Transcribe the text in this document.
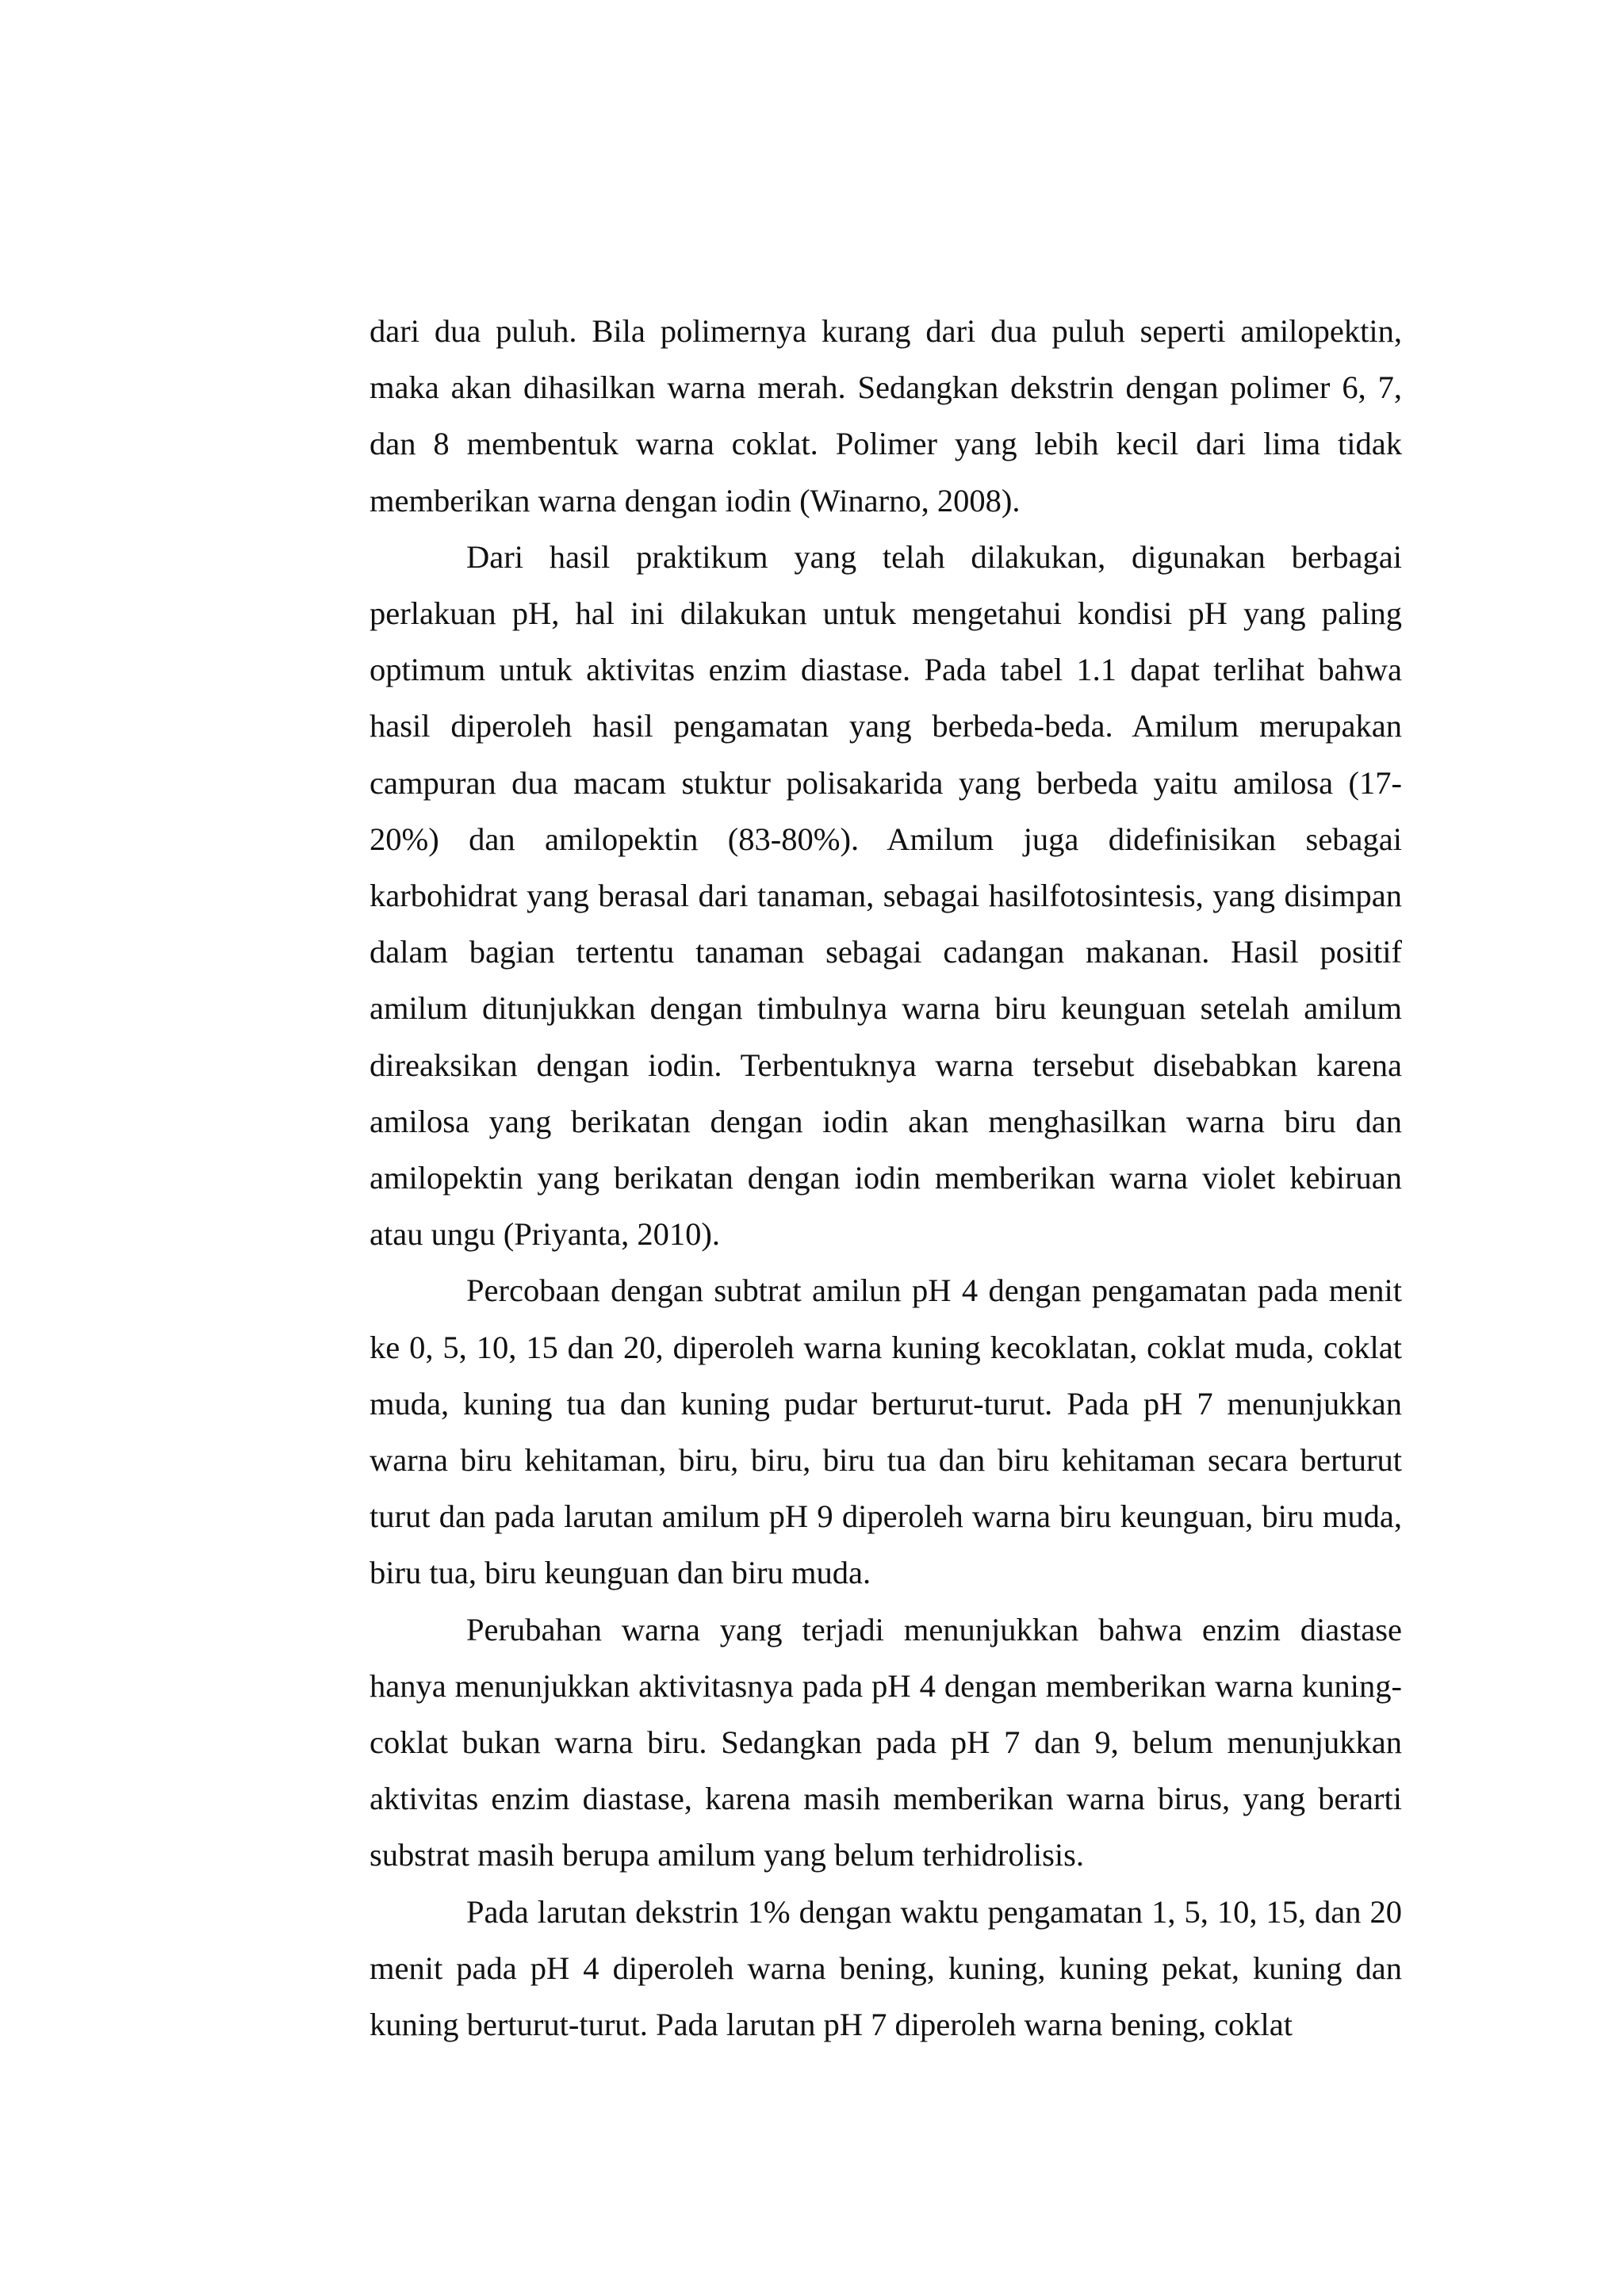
dari dua puluh. Bila polimernya kurang dari dua puluh seperti amilopektin, maka akan dihasilkan warna merah. Sedangkan dekstrin dengan polimer 6, 7, dan 8 membentuk warna coklat. Polimer yang lebih kecil dari lima tidak memberikan warna dengan iodin (Winarno, 2008).

Dari hasil praktikum yang telah dilakukan, digunakan berbagai perlakuan pH, hal ini dilakukan untuk mengetahui kondisi pH yang paling optimum untuk aktivitas enzim diastase. Pada tabel 1.1 dapat terlihat bahwa hasil diperoleh hasil pengamatan yang berbeda-beda. Amilum merupakan campuran dua macam stuktur polisakarida yang berbeda yaitu amilosa (17-20%) dan amilopektin (83-80%). Amilum juga didefinisikan sebagai karbohidrat yang berasal dari tanaman, sebagai hasilfotosintesis, yang disimpan dalam bagian tertentu tanaman sebagai cadangan makanan. Hasil positif amilum ditunjukkan dengan timbulnya warna biru keunguan setelah amilum direaksikan dengan iodin. Terbentuknya warna tersebut disebabkan karena amilosa yang berikatan dengan iodin akan menghasilkan warna biru dan amilopektin yang berikatan dengan iodin memberikan warna violet kebiruan atau ungu (Priyanta, 2010).

Percobaan dengan subtrat amilun pH 4 dengan pengamatan pada menit ke 0, 5, 10, 15 dan 20, diperoleh warna kuning kecoklatan, coklat muda, coklat muda, kuning tua dan kuning pudar berturut-turut. Pada pH 7 menunjukkan warna biru kehitaman, biru, biru, biru tua dan biru kehitaman secara berturut turut dan pada larutan amilum pH 9 diperoleh warna biru keunguan, biru muda, biru tua, biru keunguan dan biru muda.

Perubahan warna yang terjadi menunjukkan bahwa enzim diastase hanya menunjukkan aktivitasnya pada pH 4 dengan memberikan warna kuning-coklat bukan warna biru. Sedangkan pada pH 7 dan 9, belum menunjukkan aktivitas enzim diastase, karena masih memberikan warna birus, yang berarti substrat masih berupa amilum yang belum terhidrolisis.

Pada larutan dekstrin 1% dengan waktu pengamatan 1, 5, 10, 15, dan 20 menit pada pH 4 diperoleh warna bening, kuning, kuning pekat, kuning dan kuning berturut-turut. Pada larutan pH 7 diperoleh warna bening, coklat
